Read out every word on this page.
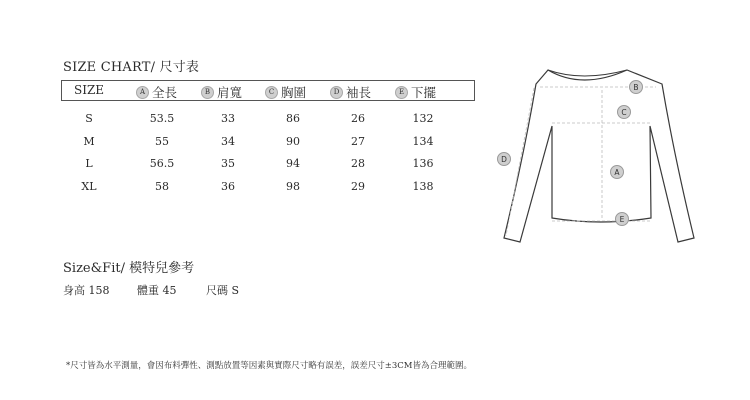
SIZE CHART/ 尺寸表
SIZE	A 全長	B 肩寬	C 胸圍	D 袖長	E 下擺
S	53.5	33	86	26	132
M	55	34	90	27	134
L	56.5	35	94	28	136
XL	58	36	98	29	138
Size&Fit/ 模特兒參考
身高 158	體重 45	尺碼 S
*尺寸皆為水平測量，會因布料彈性、測點放置等因素與實際尺寸略有誤差，誤差尺寸±3CM皆為合理範圍。
B
C
D
A
E
